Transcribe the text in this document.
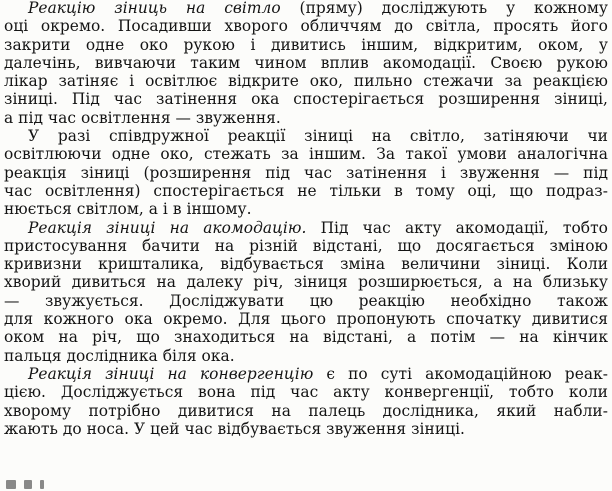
Реакцію зіниць на світло (пряму) досліджують у кожному
оці окремо. Посадивши хворого обличчям до світла, просять його
закрити одне око рукою і дивитись іншим, відкритим, оком, у
далечінь, вивчаючи таким чином вплив акомодації. Своєю рукою
лікар затіняє і освітлює відкрите око, пильно стежачи за реакцією
зіниці. Під час затінення ока спостерігається розширення зіниці,
а під час освітлення — звуження.
У разі співдружної реакції зіниці на світло, затіняючи чи
освітлюючи одне око, стежать за іншим. За такої умови аналогічна
реакція зіниці (розширення під час затінення і звуження — під
час освітлення) спостерігається не тільки в тому оці, що подраз-
нюється світлом, а і в іншому.
Реакція зіниці на акомодацію. Під час акту акомодації, тобто
пристосування бачити на різній відстані, що досягається зміною
кривизни кришталика, відбувається зміна величини зіниці. Коли
хворий дивиться на далеку річ, зіниця розширюється, а на близьку
— звужується. Досліджувати цю реакцію необхідно також
для кожного ока окремо. Для цього пропонують спочатку дивитися
оком на річ, що знаходиться на відстані, а потім — на кінчик
пальця дослідника біля ока.
Реакція зіниці на конвергенцію є по суті акомодаційною реак-
цією. Досліджується вона під час акту конвергенції, тобто коли
хворому потрібно дивитися на палець дослідника, який набли-
жають до носа. У цей час відбувається звуження зіниці.
